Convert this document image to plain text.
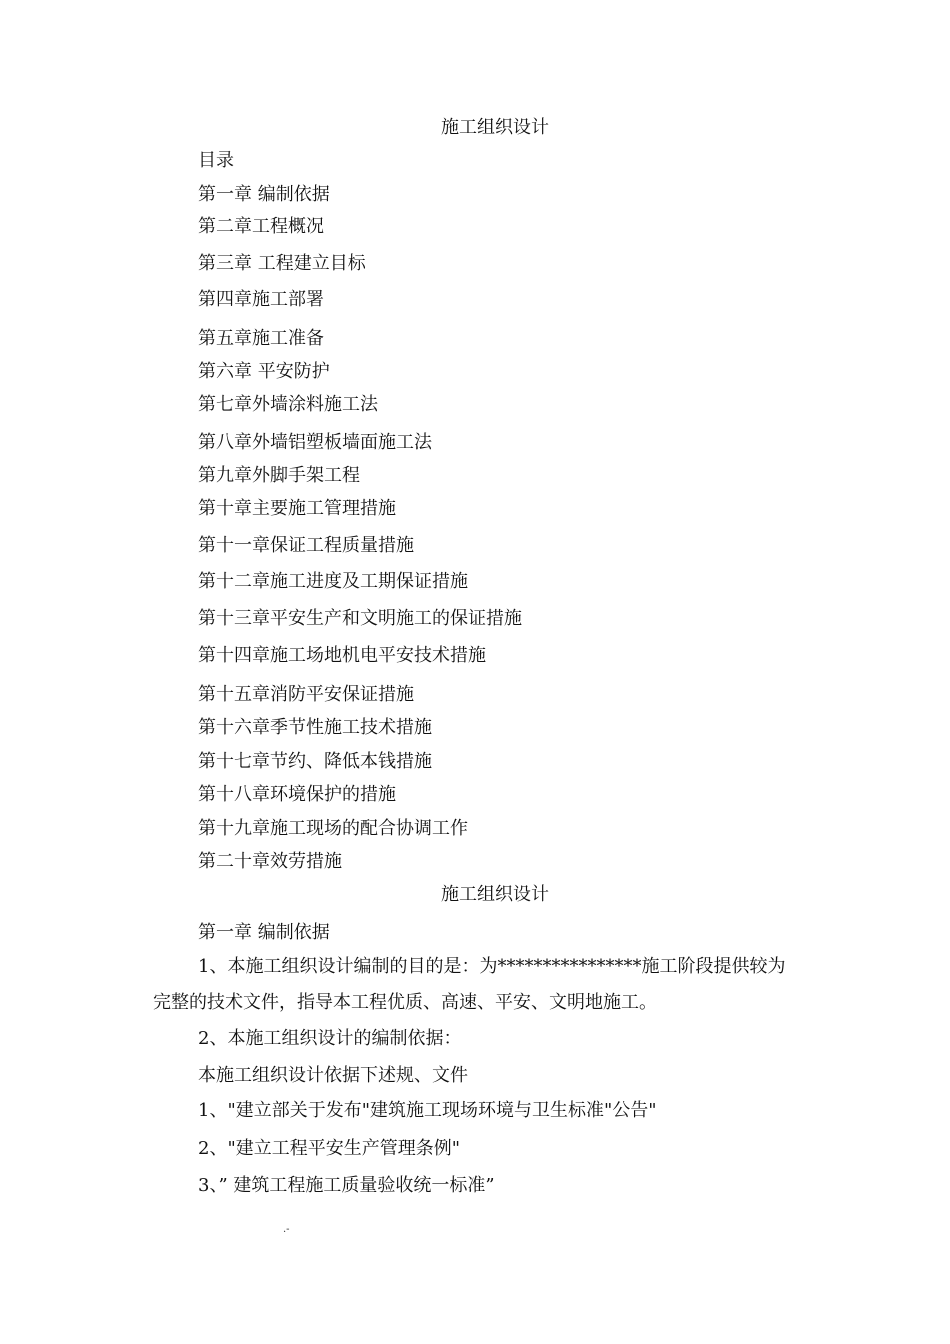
施工组织设计
目录
第一章 编制依据
第二章工程概况
第三章 工程建立目标
第四章施工部署
第五章施工准备
第六章 平安防护
第七章外墙涂料施工法
第八章外墙铝塑板墙面施工法
第九章外脚手架工程
第十章主要施工管理措施
第十一章保证工程质量措施
第十二章施工进度及工期保证措施
第十三章平安生产和文明施工的保证措施
第十四章施工场地机电平安技术措施
第十五章消防平安保证措施
第十六章季节性施工技术措施
第十七章节约、降低本钱措施
第十八章环境保护的措施
第十九章施工现场的配合协调工作
第二十章效劳措施
施工组织设计
第一章 编制依据
1、本施工组织设计编制的目的是：为****************施工阶段提供较为
完整的技术文件，指导本工程优质、高速、平安、文明地施工。
2、本施工组织设计的编制依据：
本施工组织设计依据下述规、文件
1、"建立部关于发布"建筑施工现场环境与卫生标准"公告"
2、"建立工程平安生产管理条例"
3、” 建筑工程施工质量验收统一标准”
.-
